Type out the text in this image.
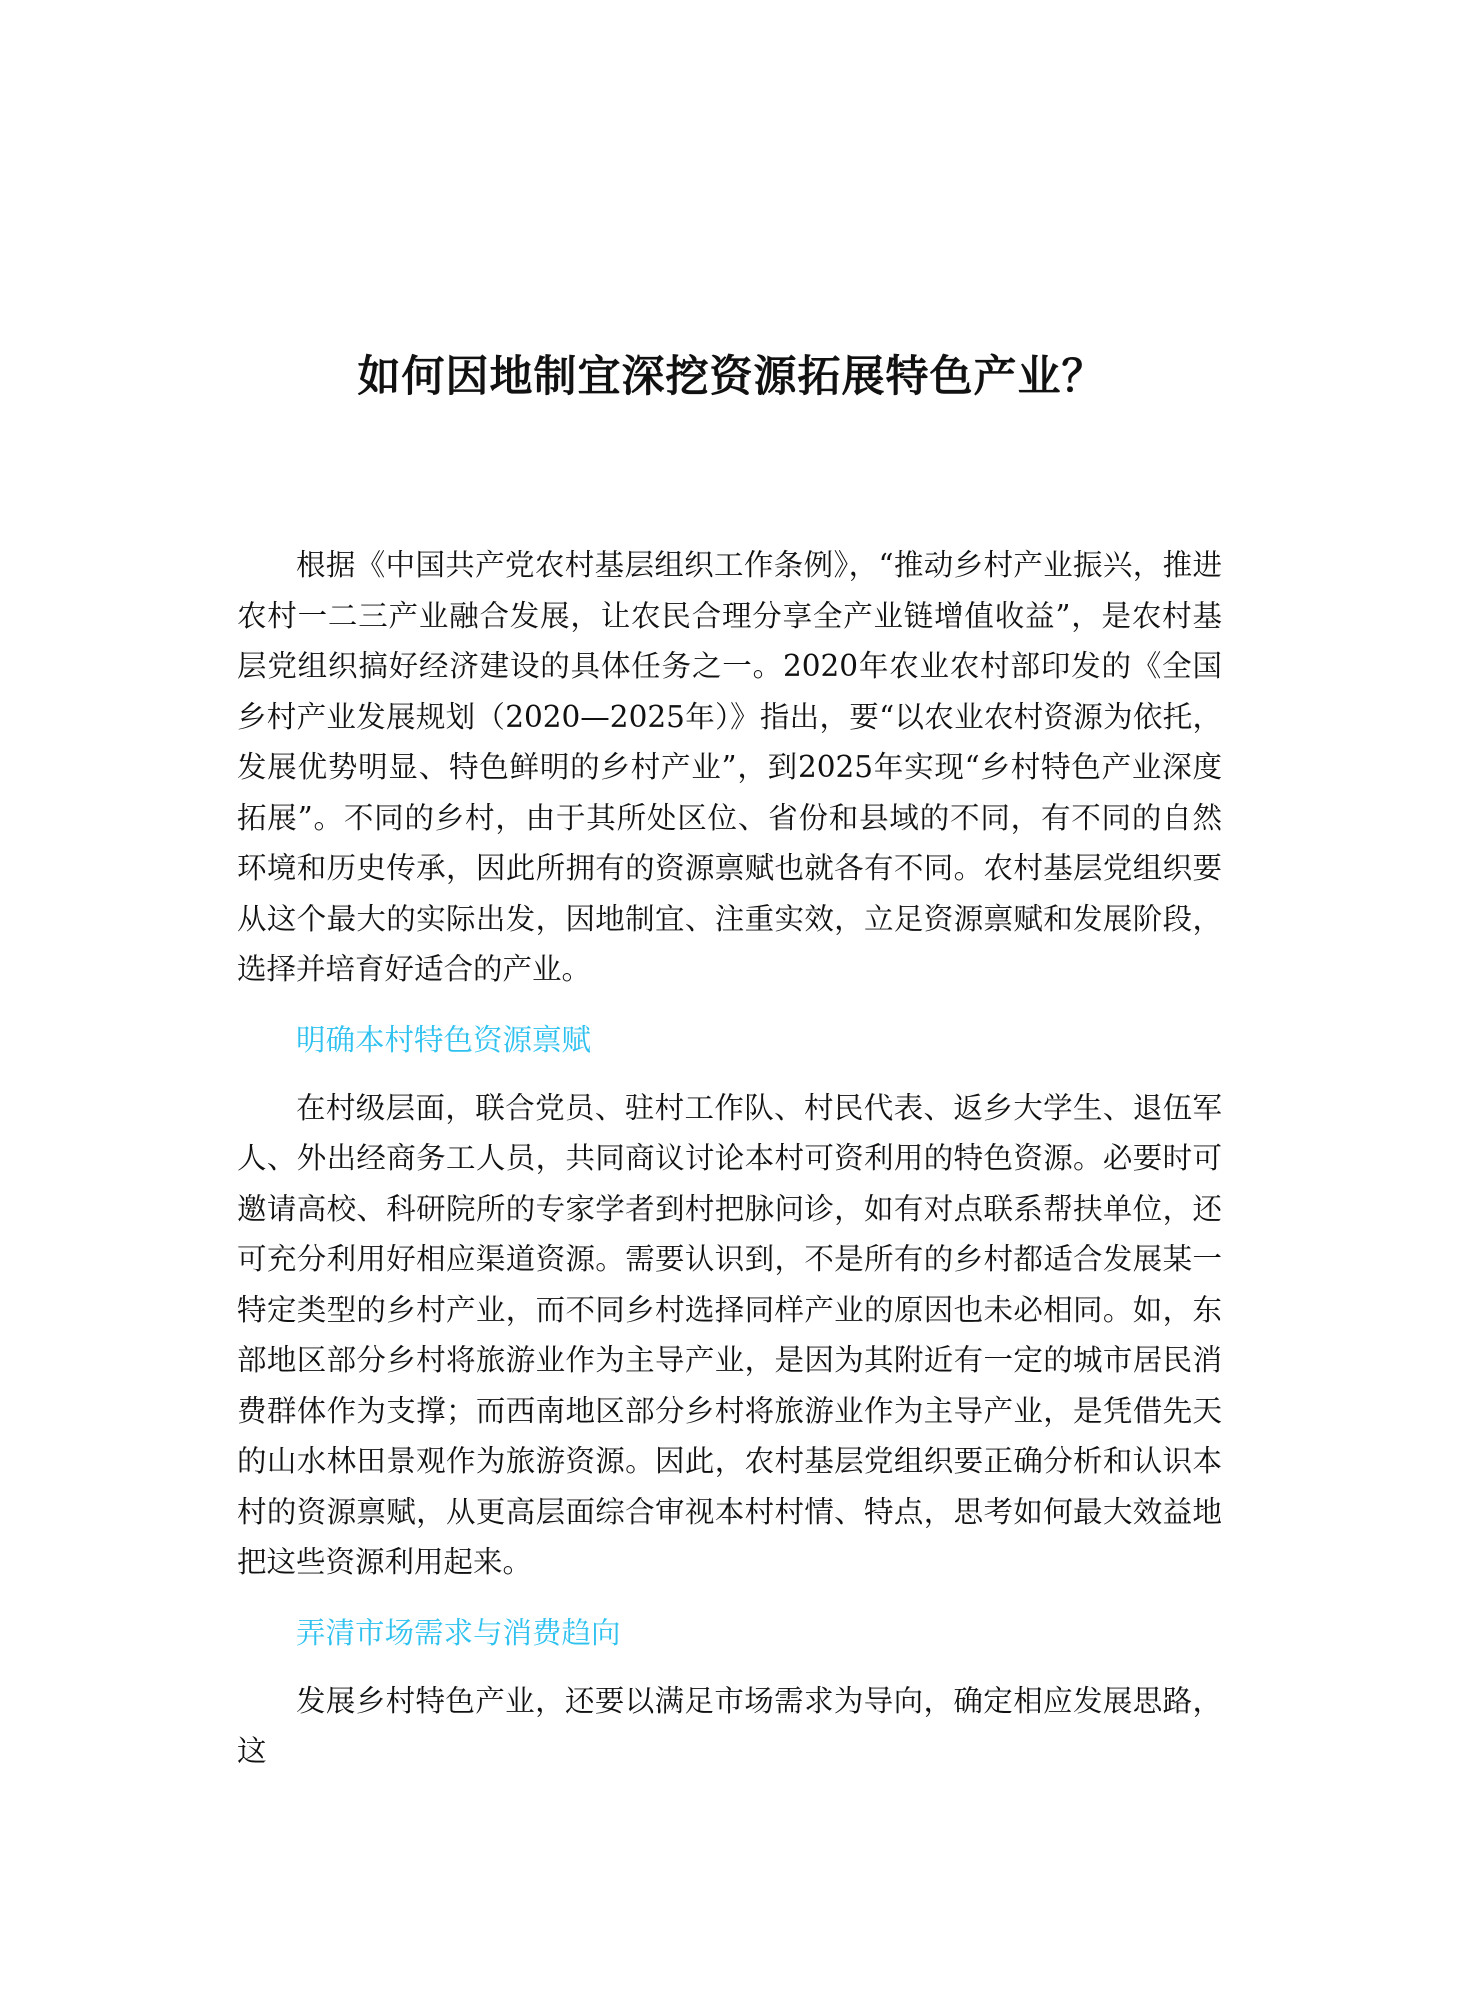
如何因地制宜深挖资源拓展特色产业？

根据《中国共产党农村基层组织工作条例》，“推动乡村产业振兴，推进农村一二三产业融合发展，让农民合理分享全产业链增值收益”，是农村基层党组织搞好经济建设的具体任务之一。2020年农业农村部印发的《全国乡村产业发展规划（2020—2025年）》指出，要“以农业农村资源为依托，发展优势明显、特色鲜明的乡村产业”，到2025年实现“乡村特色产业深度拓展”。不同的乡村，由于其所处区位、省份和县域的不同，有不同的自然环境和历史传承，因此所拥有的资源禀赋也就各有不同。农村基层党组织要从这个最大的实际出发，因地制宜、注重实效，立足资源禀赋和发展阶段，选择并培育好适合的产业。

明确本村特色资源禀赋

在村级层面，联合党员、驻村工作队、村民代表、返乡大学生、退伍军人、外出经商务工人员，共同商议讨论本村可资利用的特色资源。必要时可邀请高校、科研院所的专家学者到村把脉问诊，如有对点联系帮扶单位，还可充分利用好相应渠道资源。需要认识到，不是所有的乡村都适合发展某一特定类型的乡村产业，而不同乡村选择同样产业的原因也未必相同。如，东部地区部分乡村将旅游业作为主导产业，是因为其附近有一定的城市居民消费群体作为支撑；而西南地区部分乡村将旅游业作为主导产业，是凭借先天的山水林田景观作为旅游资源。因此，农村基层党组织要正确分析和认识本村的资源禀赋，从更高层面综合审视本村村情、特点，思考如何最大效益地把这些资源利用起来。

弄清市场需求与消费趋向

发展乡村特色产业，还要以满足市场需求为导向，确定相应发展思路，这
